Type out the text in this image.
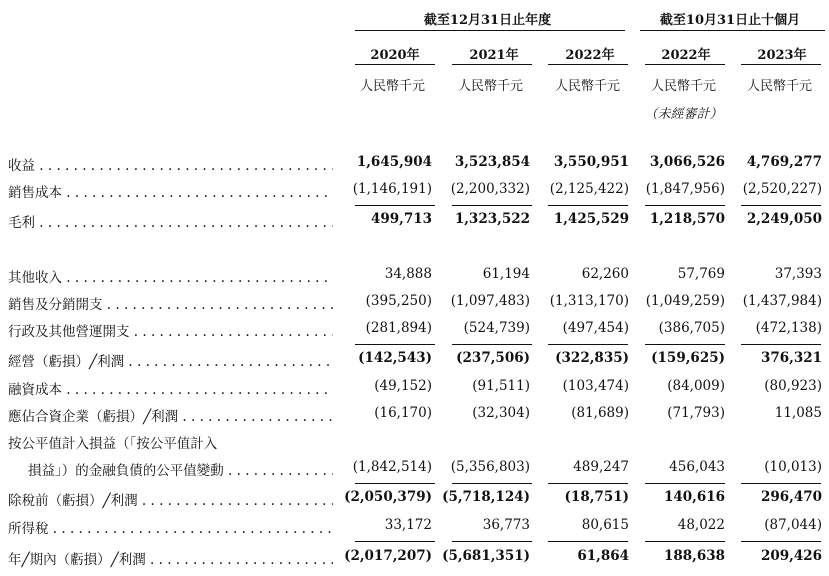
截至12月31日止年度	截至10月31日止十個月
2020年	2021年	2022年	2022年	2023年
人民幣千元	人民幣千元	人民幣千元	人民幣千元	人民幣千元
（未經審計）
收益 . . .	1,645,904	3,523,854	3,550,951	3,066,526	4,769,277
銷售成本 . . .	(1,146,191)	(2,200,332)	(2,125,422)	(1,847,956)	(2,520,227)
毛利 . . .	499,713	1,323,522	1,425,529	1,218,570	2,249,050
其他收入 . . .	34,888	61,194	62,260	57,769	37,393
銷售及分銷開支 . . .	(395,250)	(1,097,483)	(1,313,170)	(1,049,259)	(1,437,984)
行政及其他營運開支 . . .	(281,894)	(524,739)	(497,454)	(386,705)	(472,138)
經營（虧損）╱利潤 . . .	(142,543)	(237,506)	(322,835)	(159,625)	376,321
融資成本 . . .	(49,152)	(91,511)	(103,474)	(84,009)	(80,923)
應佔合資企業（虧損）╱利潤 . . .	(16,170)	(32,304)	(81,689)	(71,793)	11,085
按公平值計入損益（「按公平值計入
損益」）的金融負債的公平值變動 . . .	(1,842,514)	(5,356,803)	489,247	456,043	(10,013)
除稅前（虧損）╱利潤 . . .	(2,050,379) (5,718,124)	(18,751)	140,616	296,470
所得稅 . . .	33,172	36,773	80,615	48,022	(87,044)
年╱期內（虧損）╱利潤 . . .	(2,017,207) (5,681,351)	61,864	188,638	209,426
